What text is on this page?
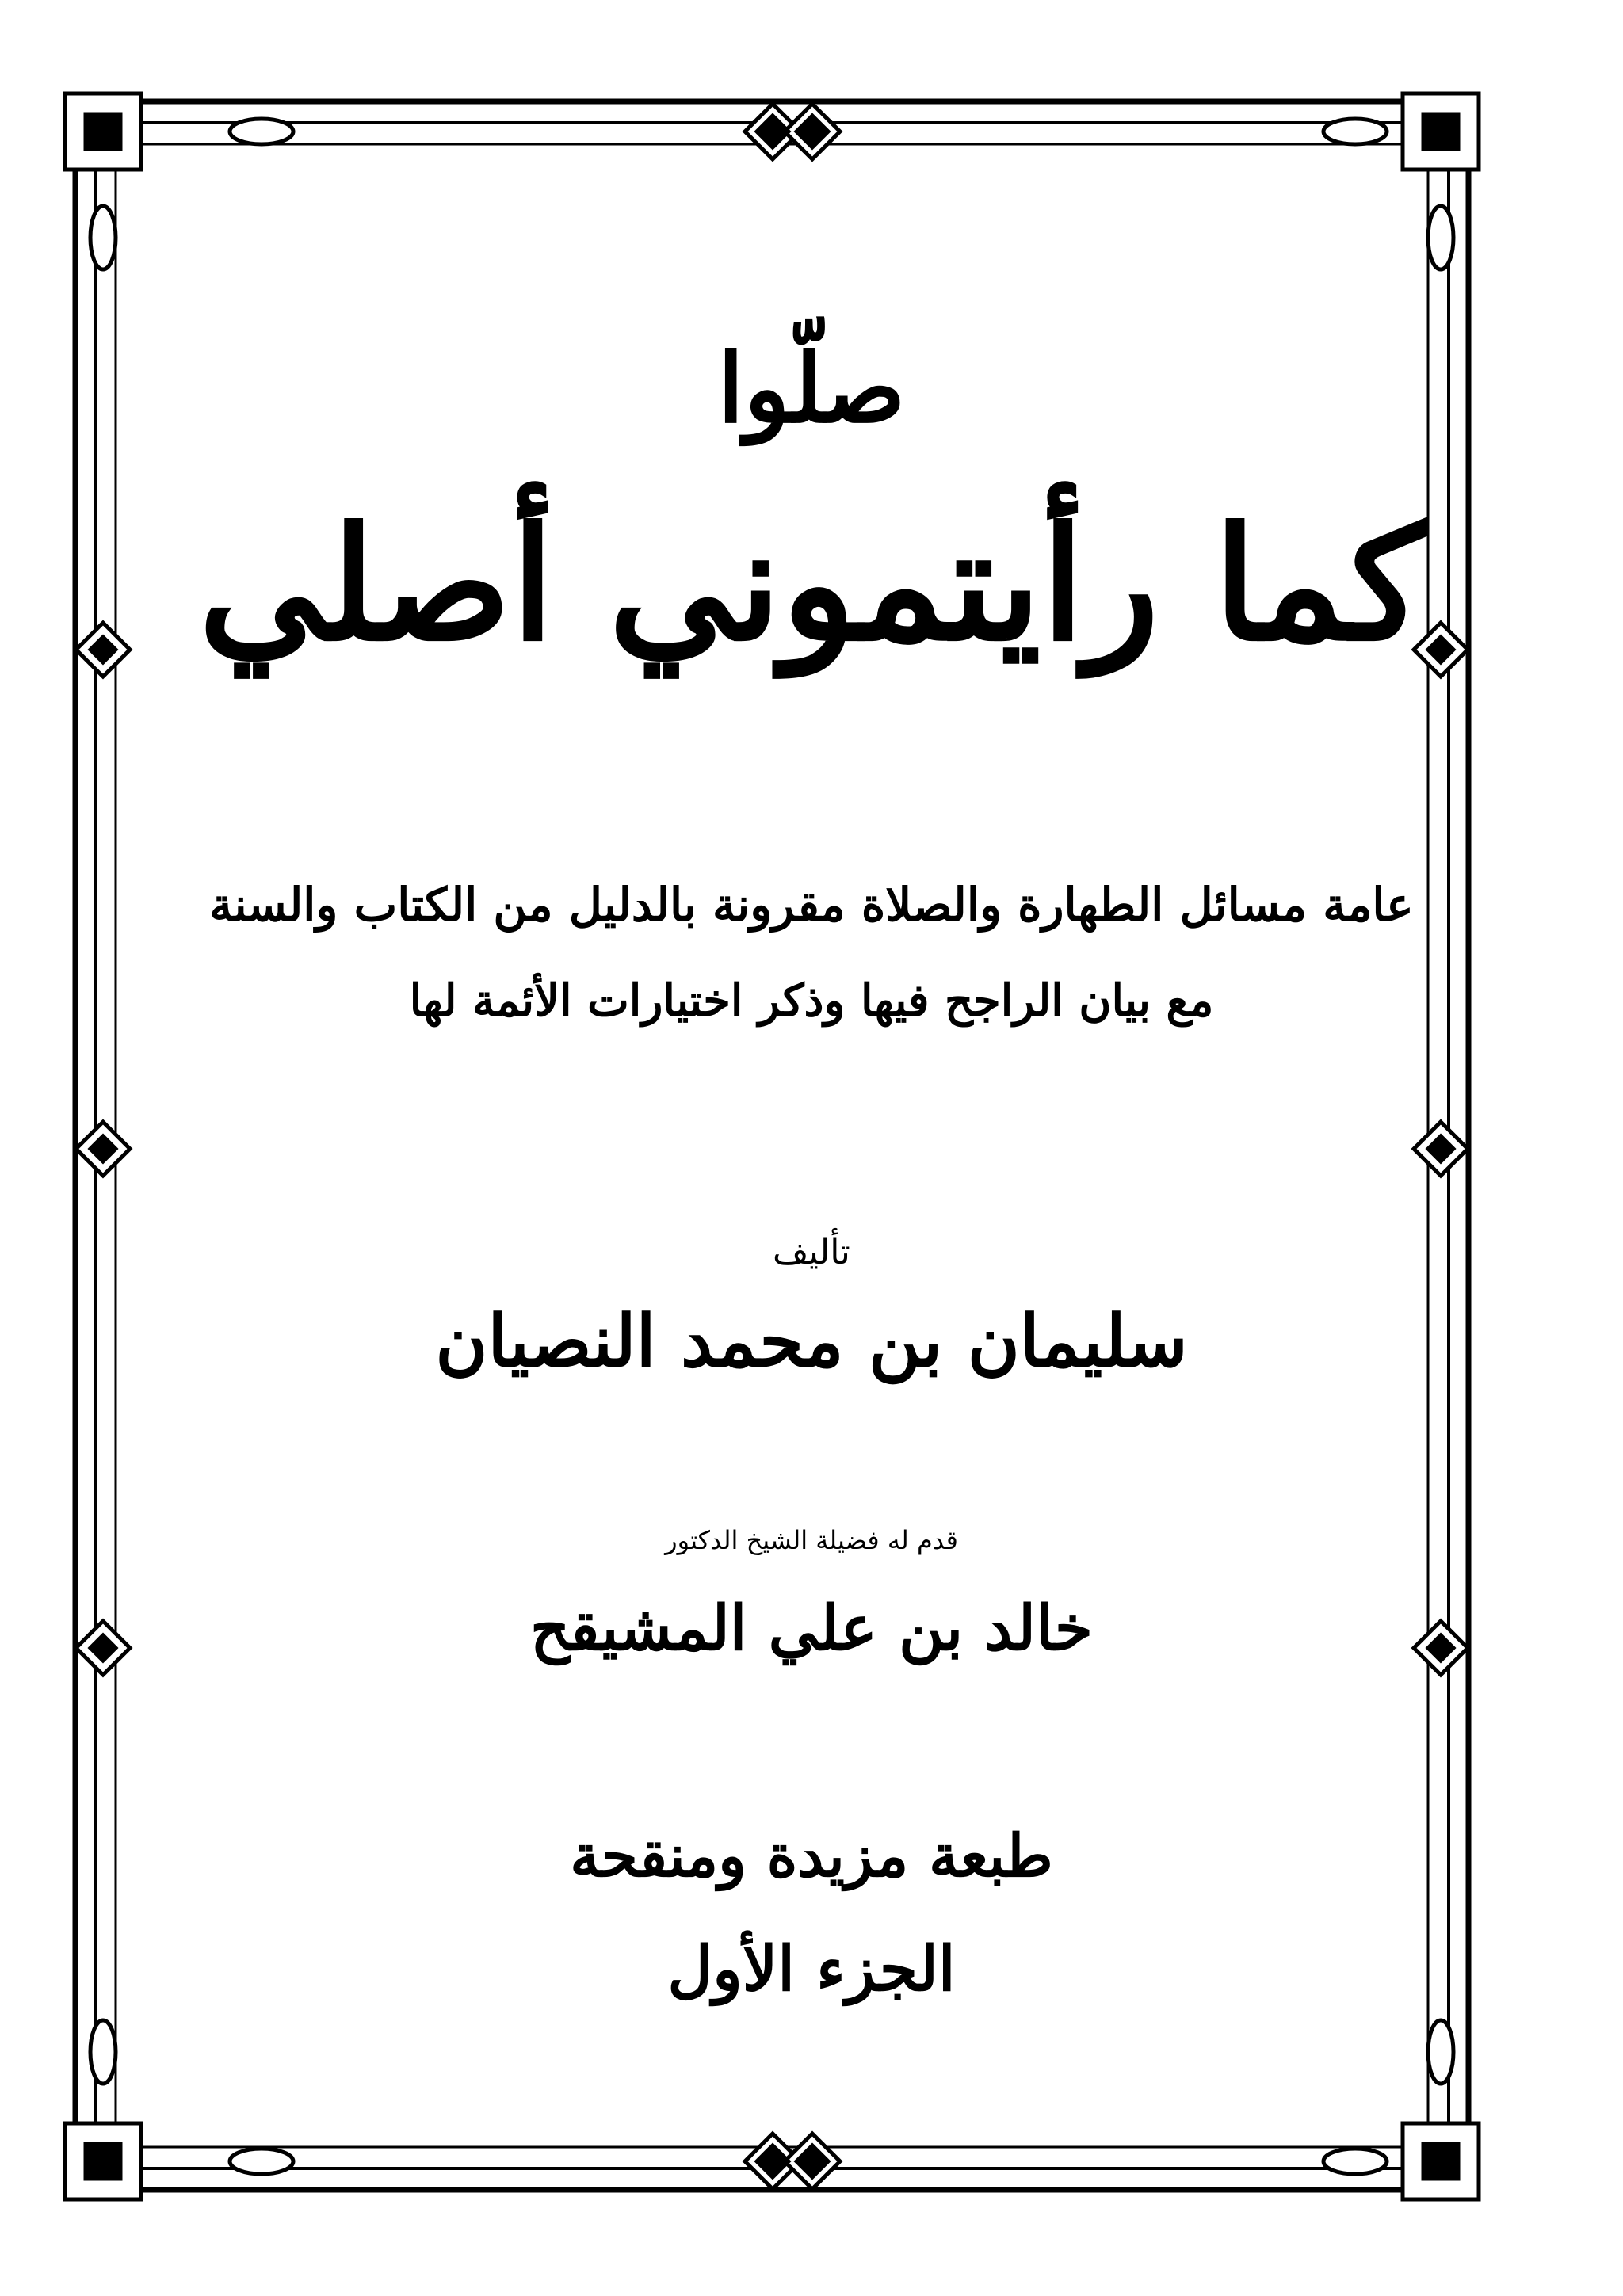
صلّوا
كما رأيتموني أصلي
عامة مسائل الطهارة والصلاة مقرونة بالدليل من الكتاب والسنة
مع بيان الراجح فيها وذكر اختيارات الأئمة لها
تأليف
سليمان بن محمد النصيان
قدم له فضيلة الشيخ الدكتور
خالد بن علي المشيقح
طبعة مزيدة ومنقحة
الجزء الأول
